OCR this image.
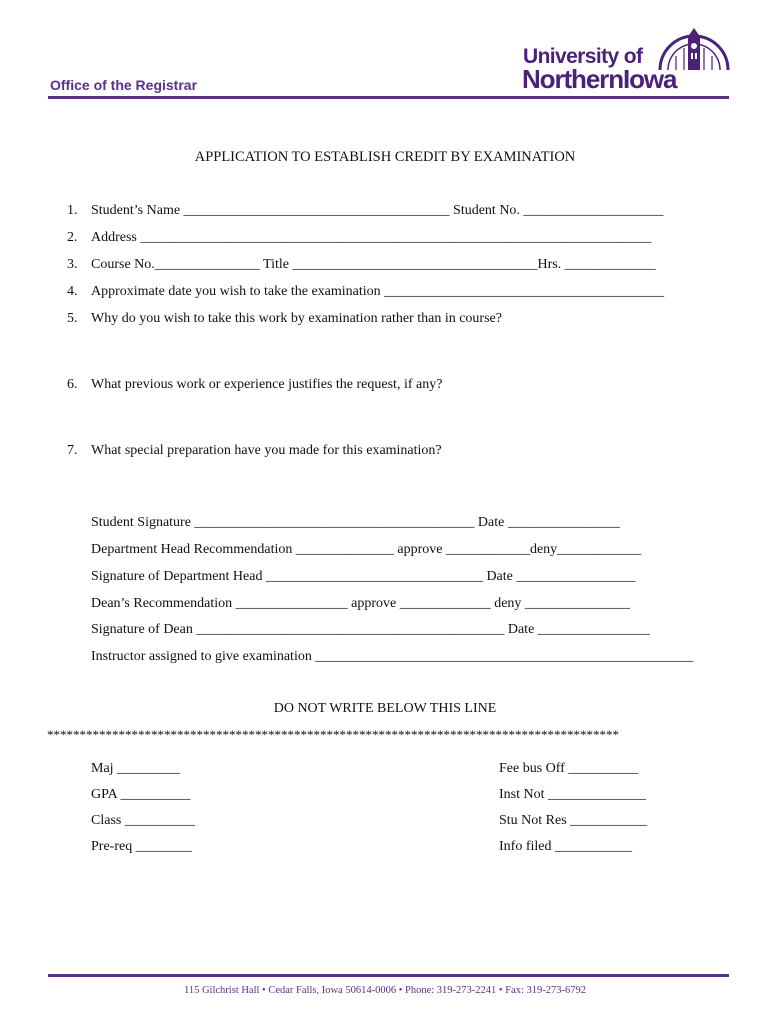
Office of the Registrar
University of
NorthernIowa
APPLICATION TO ESTABLISH CREDIT BY EXAMINATION
1. Student’s Name ______________________________________ Student No. ____________________
2. Address _________________________________________________________________________
3. Course No._______________ Title ___________________________________Hrs. _____________
4. Approximate date you wish to take the examination ________________________________________
5. Why do you wish to take this work by examination rather than in course?
6. What previous work or experience justifies the request, if any?
7. What special preparation have you made for this examination?
Student Signature ________________________________________ Date ________________
Department Head Recommendation ______________ approve ____________deny____________
Signature of Department Head _______________________________ Date _________________
Dean’s Recommendation ________________ approve _____________ deny _______________
Signature of Dean ____________________________________________ Date ________________
Instructor assigned to give examination ______________________________________________________
DO NOT WRITE BELOW THIS LINE
****************************************************************************************
Maj _________
GPA __________
Class __________
Pre-req ________
Fee bus Off __________
Inst Not ______________
Stu Not Res ___________
Info filed ___________
115 Gilchrist Hall • Cedar Falls, Iowa 50614-0006 • Phone: 319-273-2241 • Fax: 319-273-6792
